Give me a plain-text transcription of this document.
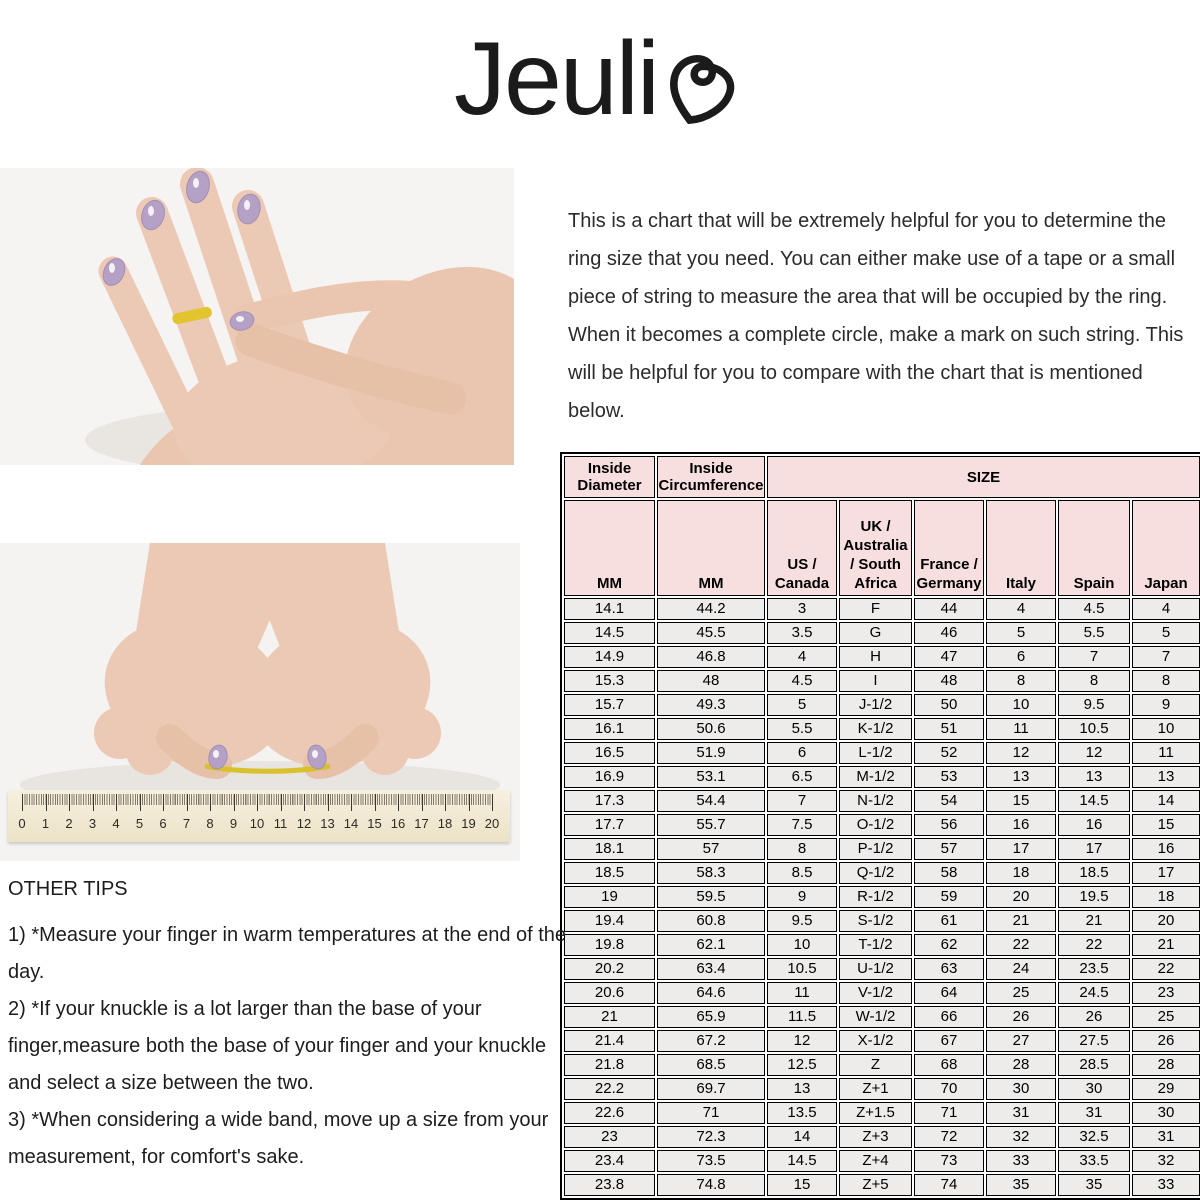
Jeuli
0 1 2 3 4 5 6 7 8 9 10 11 12 13 14 15 16 17 18 19 20

This is a chart that will be extremely helpful for you to determine the ring size that you need. You can either make use of a tape or a small piece of string to measure the area that will be occupied by the ring. When it becomes a complete circle, make a mark on such string. This will be helpful for you to compare with the chart that is mentioned below.

Inside Diameter	Inside Circumference	SIZE					
MM	MM	US / Canada	UK / Australia / South Africa	France / Germany	Italy	Spain	Japan
14.1	44.2	3	F	44	4	4.5	4
14.5	45.5	3.5	G	46	5	5.5	5
14.9	46.8	4	H	47	6	7	7
15.3	48	4.5	I	48	8	8	8
15.7	49.3	5	J-1/2	50	10	9.5	9
16.1	50.6	5.5	K-1/2	51	11	10.5	10
16.5	51.9	6	L-1/2	52	12	12	11
16.9	53.1	6.5	M-1/2	53	13	13	13
17.3	54.4	7	N-1/2	54	15	14.5	14
17.7	55.7	7.5	O-1/2	56	16	16	15
18.1	57	8	P-1/2	57	17	17	16
18.5	58.3	8.5	Q-1/2	58	18	18.5	17
19	59.5	9	R-1/2	59	20	19.5	18
19.4	60.8	9.5	S-1/2	61	21	21	20
19.8	62.1	10	T-1/2	62	22	22	21
20.2	63.4	10.5	U-1/2	63	24	23.5	22
20.6	64.6	11	V-1/2	64	25	24.5	23
21	65.9	11.5	W-1/2	66	26	26	25
21.4	67.2	12	X-1/2	67	27	27.5	26
21.8	68.5	12.5	Z	68	28	28.5	28
22.2	69.7	13	Z+1	70	30	30	29
22.6	71	13.5	Z+1.5	71	31	31	30
23	72.3	14	Z+3	72	32	32.5	31
23.4	73.5	14.5	Z+4	73	33	33.5	32
23.8	74.8	15	Z+5	74	35	35	33

OTHER TIPS

1) *Measure your finger in warm temperatures at the end of the day.

2) *If your knuckle is a lot larger than the base of your finger,measure both the base of your finger and your knuckle and select a size between the two.

3) *When considering a wide band, move up a size from your measurement, for comfort's sake.
